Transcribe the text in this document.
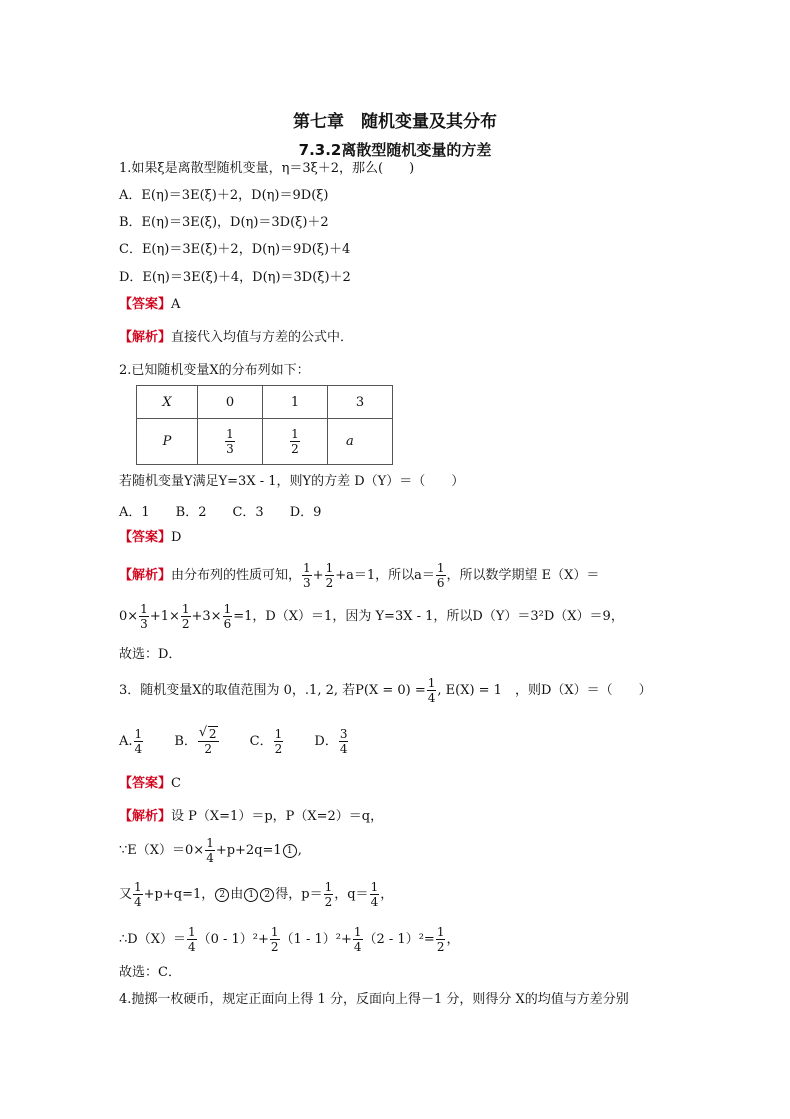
第七章　随机变量及其分布
7.3.2离散型随机变量的方差
1.如果ξ是离散型随机变量，η＝3ξ＋2，那么(　　)
A．E(η)＝3E(ξ)＋2，D(η)＝9D(ξ)
B．E(η)＝3E(ξ)，D(η)＝3D(ξ)＋2
C．E(η)＝3E(ξ)＋2，D(η)＝9D(ξ)＋4
D．E(η)＝3E(ξ)＋4，D(η)＝3D(ξ)＋2
【答案】A
【解析】直接代入均值与方差的公式中．
2.已知随机变量X的分布列如下：
X	0	1	3
P	$\frac{1}{3}$	$\frac{1}{2}$	a
若随机变量Y满足Y=3X - 1，则Y的方差 D（Y）＝（　　）
A．1　　B．2　　C．3　　D．9
【答案】D
【解析】由分布列的性质可知， $\frac{1}{3} + \frac{1}{2} +a=1$，所以$a= \frac{1}{6}$ ，所以数学期望 E（X）＝
$0\times \frac{1}{3} +1\times \frac{1}{2} +3\times \frac{1}{6} =1$，D（X）＝1，因为 Y=3X - 1，所以D（Y）＝3²D（X）＝9，
故选：D．
3．随机变量X的取值范围为 0，.1, 2, 若$P(X = 0) = \frac{1}{4}$ , E(X) = 1　，则D（X）＝（　　）
A. $\frac{1}{4}$ B． $\frac{√ 2}{2}$ C． $\frac{1}{2}$ D． $\frac{3}{4}$
【答案】C
【解析】设 P（X=1）＝p，P（X=2）＝q，
∵E（X）＝0× $\frac{1}{4} +p+2q=1$ 1 ,
又 $\frac{1}{4} +p+q=1$， 2 由 1 2 得，$p= \frac{1}{2}$ ，$q= \frac{1}{4}$ ，
∴D（X）＝ $\frac{1}{4} (0 - 1)^2+ \frac{1}{2} (1 - 1)^2+ \frac{1}{4} (2 - 1)^2= \frac{1}{2}$ ，
故选：C．
4.抛掷一枚硬币，规定正面向上得 1 分，反面向上得－1 分，则得分 X的均值与方差分别
